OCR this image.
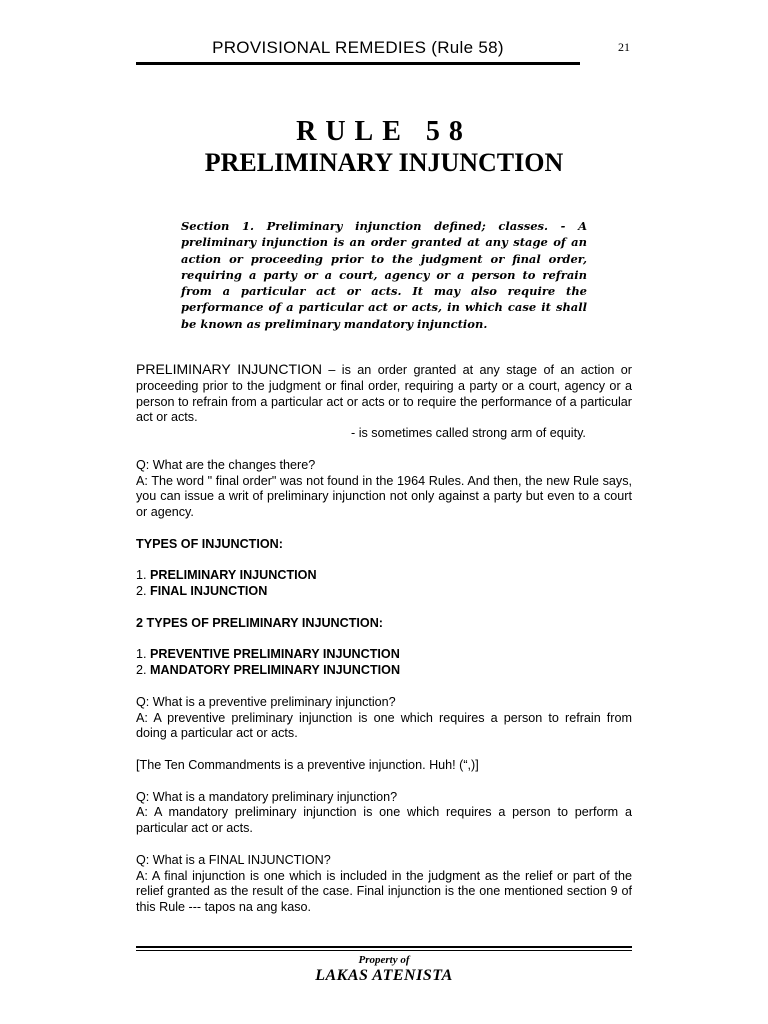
PROVISIONAL REMEDIES (Rule 58)	21
RULE 58
PRELIMINARY INJUNCTION
Section 1. Preliminary injunction defined; classes. - A preliminary injunction is an order granted at any stage of an action or proceeding prior to the judgment or final order, requiring a party or a court, agency or a person to refrain from a particular act or acts. It may also require the performance of a particular act or acts, in which case it shall be known as preliminary mandatory injunction.

PRELIMINARY INJUNCTION – is an order granted at any stage of an action or proceeding prior to the judgment or final order, requiring a party or a court, agency or a person to refrain from a particular act or acts or to require the performance of a particular act or acts.

- is sometimes called strong arm of equity.

Q: What are the changes there?
A: The word " final order" was not found in the 1964 Rules. And then, the new Rule says, you can issue a writ of preliminary injunction not only against a party but even to a court or agency.

TYPES OF INJUNCTION:

1. PRELIMINARY INJUNCTION
2. FINAL INJUNCTION

2 TYPES OF PRELIMINARY INJUNCTION:

1. PREVENTIVE PRELIMINARY INJUNCTION
2. MANDATORY PRELIMINARY INJUNCTION

Q: What is a preventive preliminary injunction?
A: A preventive preliminary injunction is one which requires a person to refrain from doing a particular act or acts.

[The Ten Commandments is a preventive injunction. Huh! (“,)]

Q: What is a mandatory preliminary injunction?
A: A mandatory preliminary injunction is one which requires a person to perform a particular act or acts.

Q: What is a FINAL INJUNCTION?
A: A final injunction is one which is included in the judgment as the relief or part of the relief granted as the result of the case. Final injunction is the one mentioned section 9 of this Rule --- tapos na ang kaso.

Property of
LAKAS ATENISTA
